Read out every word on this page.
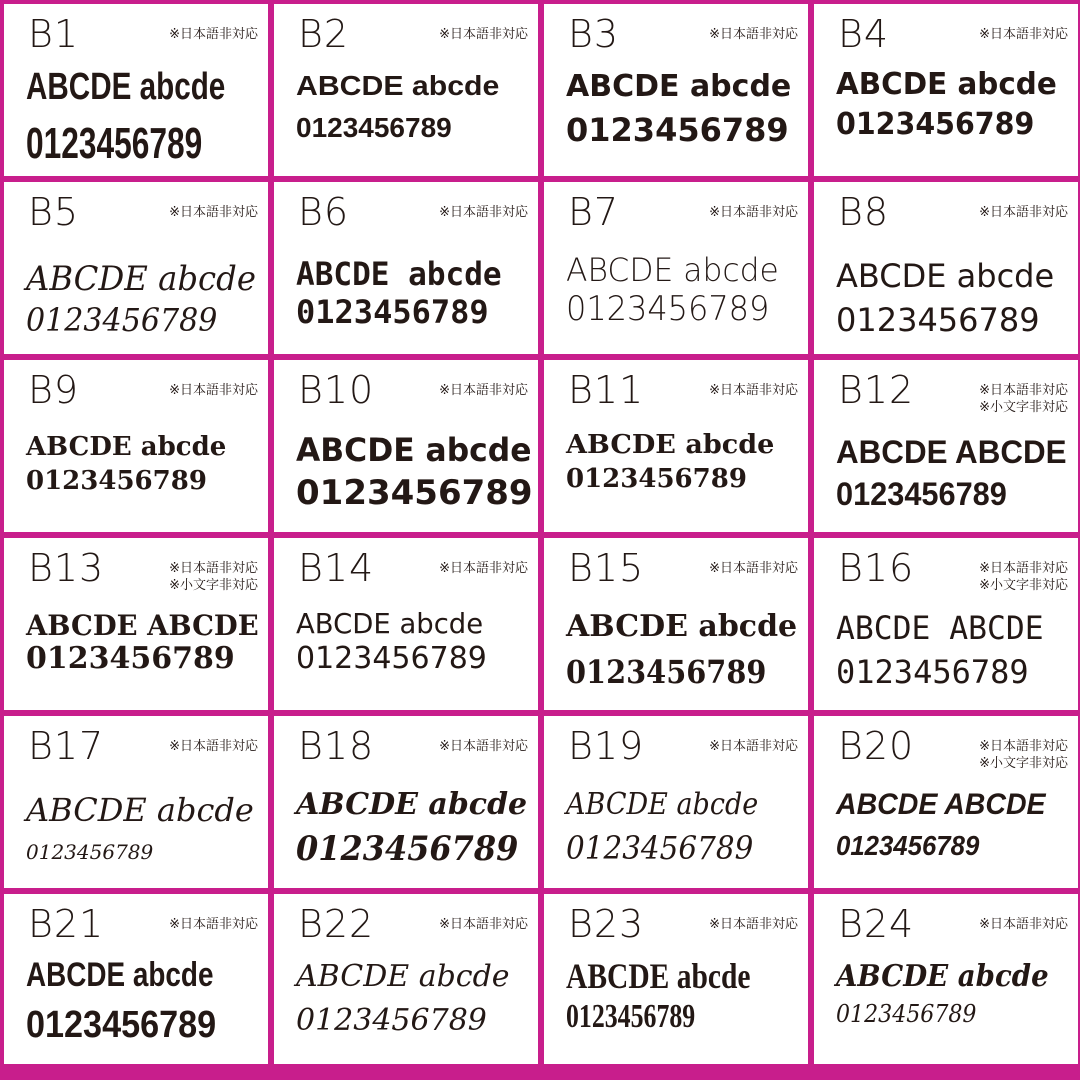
B1	※日本語非対応
ABCDE abcde
0123456789
B2	※日本語非対応
ABCDE abcde
0123456789
B3	※日本語非対応
ABCDE abcde
0123456789
B4	※日本語非対応
ABCDE abcde
0123456789
B5	※日本語非対応
ABCDE abcde
0123456789
B6	※日本語非対応
ABCDE abcde
0123456789
B7	※日本語非対応
ABCDE abcde
0123456789
B8	※日本語非対応
ABCDE abcde
0123456789
B9	※日本語非対応
ABCDE abcde
0123456789
B10	※日本語非対応
ABCDE abcde
0123456789
B11	※日本語非対応
ABCDE abcde
0123456789
B12	※日本語非対応
※小文字非対応
ABCDE ABCDE
0123456789
B13	※日本語非対応
※小文字非対応
ABCDE ABCDE
0123456789
B14	※日本語非対応
ABCDE abcde
0123456789
B15	※日本語非対応
ABCDE abcde
0123456789
B16	※日本語非対応
※小文字非対応
ABCDE ABCDE
0123456789
B17	※日本語非対応
ABCDE abcde
0123456789
B18	※日本語非対応
ABCDE abcde
0123456789
B19	※日本語非対応
ABCDE abcde
0123456789
B20	※日本語非対応
※小文字非対応
ABCDE ABCDE
0123456789
B21	※日本語非対応
ABCDE abcde
0123456789
B22	※日本語非対応
ABCDE abcde
0123456789
B23	※日本語非対応
ABCDE abcde
0123456789
B24	※日本語非対応
ABCDE abcde
0123456789
